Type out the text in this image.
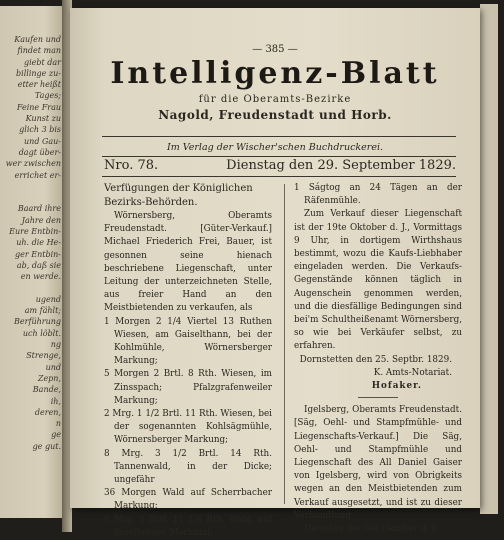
Kaufen und
findet man
giebt dar
billinge zu-
etter heißt
Tages;
Feine Frau
Kunst zu
glich 3 bis
und Gau-
dagt über-
wer zwischen
errichet er-
Baard ihre
Jahre den
Eure Entbin-
uh. die He-
ger Entbin-
ab, daß sie
en werde.
ugend
am fählt;
Berführung
uch löblt.
ng
Strenge,
und
Zepn,
Bande,
ih,
deren,
n
ge
ge gut.
Intelligenz-Blatt
für die Oberamts-Bezirke
Nagold, Freudenstadt und Horb.
Im Verlag der Wischer'schen Buchdruckerei.
Nro. 78.	Dienstag den 29. September 1829.

Verfügungen der Königlichen Bezirks-Behörden.

Wörnersberg, Oberamts Freudenstadt. [Güter-Verkauf.] Michael Friederich Frei, Bauer, ist gesonnen seine hienach beschriebene Liegenschaft, unter Leitung der unterzeichneten Stelle, aus freier Hand an den Meistbietenden zu verkaufen, als

1 Morgen 2 1/4 Viertel 13 Ruthen Wiesen, am Gaiselthann, bei der Kohlmühle, Wörnersberger Markung;

5 Morgen 2 Brtl. 8 Rth. Wiesen, im Zinsspach; Pfalzgrafenweiler Markung;

2 Mrg. 1 1/2 Brtl. 11 Rth. Wiesen, bei der sogenannten Kohlsägmühle, Wörnersberger Markung;

8 Mrg. 3 1/2 Brtl. 14 Rth. Tannenwald, in der Dicke; ungefähr

36 Morgen Wald auf Scherrbacher Markung;

6 Mrg. 1 Brtl. 11 1/4 Rth. Wald, auf Spielberger Markung;

1 Ságtog an 24 Tägen an der Räfenmühle.

Zum Verkauf dieser Liegenschaft ist der 19te Oktober d. J., Vormittags 9 Uhr, in dortigem Wirthshaus bestimmt, wozu die Kaufs-Liebhaber eingeladen werden. Die Verkaufs-Gegenstände können täglich in Augenschein genommen werden, und die diesfällige Bedingungen sind bei'm Schultheißenamt Wörnersberg, so wie bei Verkäufer selbst, zu erfahren.

Dornstetten den 25. Septbr. 1829.

K. Amts-Notariat.

Hofaker.

Igelsberg, Oberamts Freudenstadt. [Säg, Oehl- und Stampfmühle- und Liegenschafts-Verkauf.] Die Säg, Oehl- und Stampfmühle und Liegenschaft des All Daniel Gaiser von Igelsberg, wird von Obrigkeits wegen an den Meistbietenden zum Verkauf ausgesetzt, und ist zu dieser Verhandlung

Dienstag der 6te Oktober d. J.

— 385 —
